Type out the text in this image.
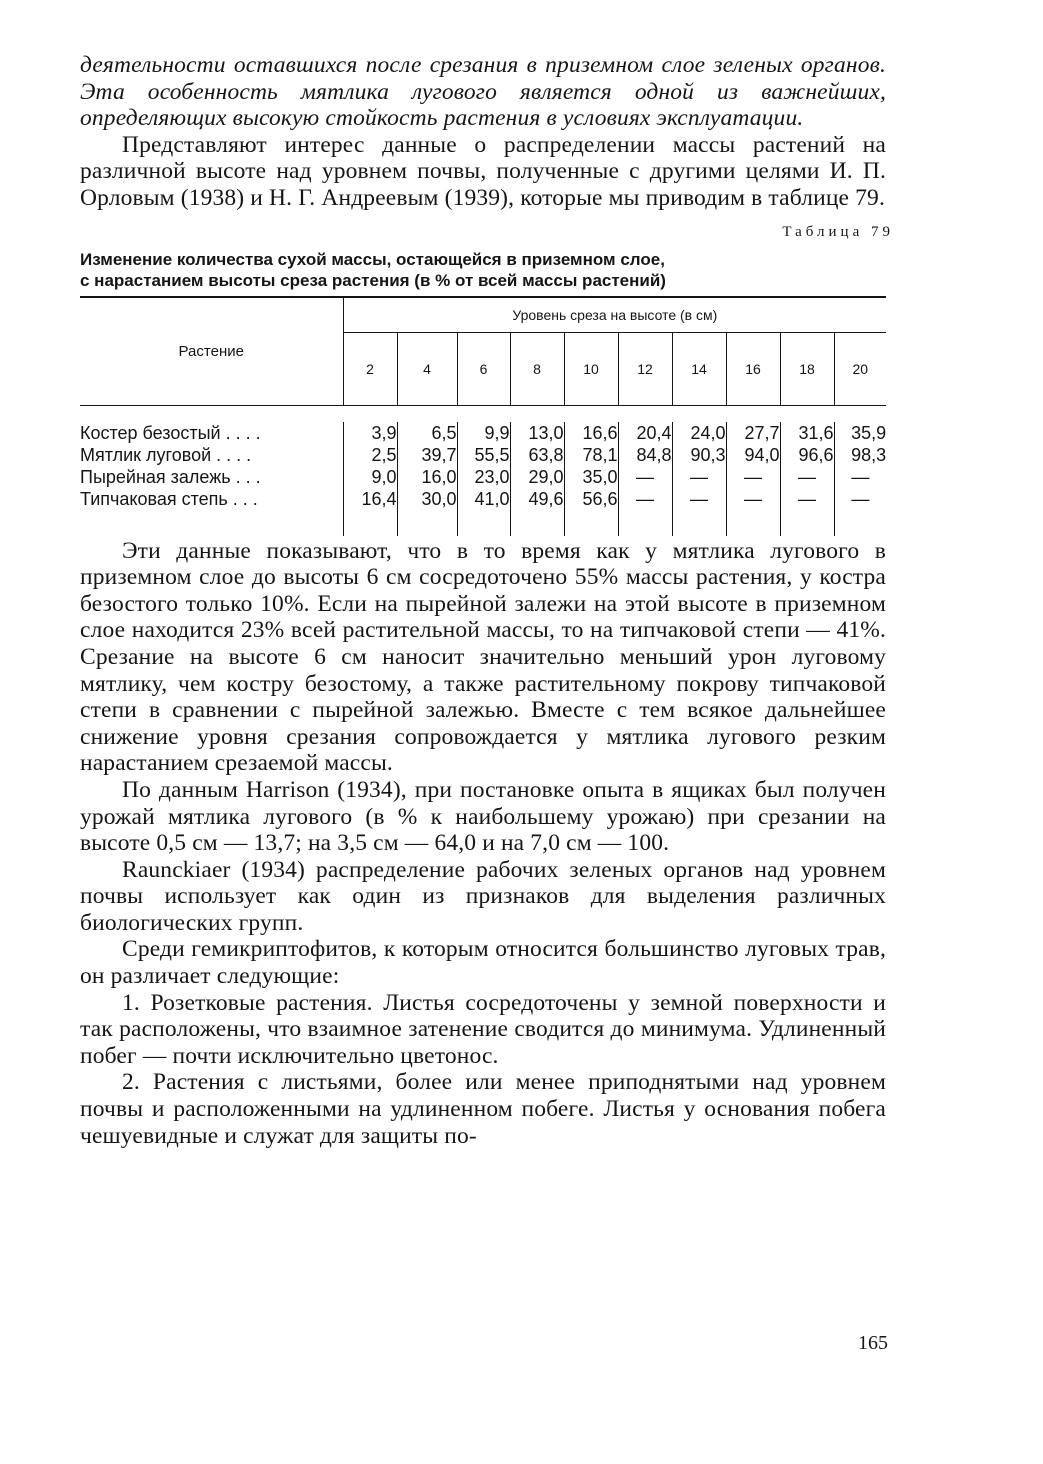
деятельности оставшихся после срезания в приземном слое зеленых органов. Эта особенность мятлика лугового является одной из важнейших, определяющих высокую стойкость растения в условиях эксплуатации.

Представляют интерес данные о распределении массы растений на различной высоте над уровнем почвы, полученные с другими целями И. П. Орловым (1938) и Н. Г. Андреевым (1939), которые мы приводим в таблице 79.

Таблица 79
Изменение количества сухой массы, остающейся в приземном слое,
с нарастанием высоты среза растения (в % от всей массы растений)
Растение	Уровень среза на высоте (в см)									
	2	4	6	8	10	12	14	16	18	20

Костер безостый . . . .	3,9	6,5	9,9	13,0	16,6	20,4	24,0	27,7	31,6	35,9
Мятлик луговой . . . .	2,5	39,7	55,5	63,8	78,1	84,8	90,3	94,0	96,6	98,3
Пырейная залежь . . .	9,0	16,0	23,0	29,0	35,0	—	—	—	—	—
Типчаковая степь . . .	16,4	30,0	41,0	49,6	56,6	—	—	—	—	—

Эти данные показывают, что в то время как у мятлика лугового в приземном слое до высоты 6 см сосредоточено 55% массы растения, у костра безостого только 10%. Если на пырейной залежи на этой высоте в приземном слое находится 23% всей растительной массы, то на типчаковой степи — 41%. Срезание на высоте 6 см наносит значительно меньший урон луговому мятлику, чем костру безостому, а также растительному покрову типчаковой степи в сравнении с пырейной залежью. Вместе с тем всякое дальнейшее снижение уровня срезания сопровождается у мятлика лугового резким нарастанием срезаемой массы.

По данным Harrison (1934), при постановке опыта в ящиках был получен урожай мятлика лугового (в % к наибольшему урожаю) при срезании на высоте 0,5 см — 13,7; на 3,5 см — 64,0 и на 7,0 см — 100.

Raunckiaer (1934) распределение рабочих зеленых органов над уровнем почвы использует как один из признаков для выделения различных биологических групп.

Среди гемикриптофитов, к которым относится большинство луговых трав, он различает следующие:

1. Розетковые растения. Листья сосредоточены у земной поверхности и так расположены, что взаимное затенение сводится до минимума. Удлиненный побег — почти исключительно цветонос.

2. Растения с листьями, более или менее приподнятыми над уровнем почвы и расположенными на удлиненном побеге. Листья у основания побега чешуевидные и служат для защиты по-

165
